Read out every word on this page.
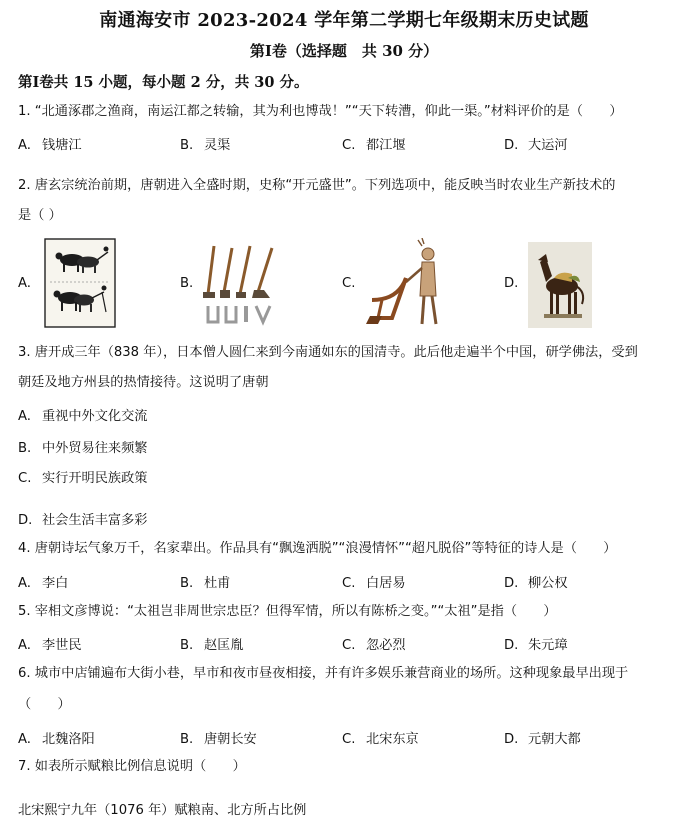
南通海安市 2023-2024 学年第二学期七年级期末历史试题
第Ⅰ卷（选择题　共 30 分）
第Ⅰ卷共 15 小题，每小题 2 分，共 30 分。
1. “北通涿郡之渔商，南运江都之转输，其为利也博哉！”“天下转漕，仰此一渠。”材料评价的是（　　）
A. 钱塘江	B. 灵渠	C. 都江堰	D. 大运河
2. 唐玄宗统治前期，唐朝进入全盛时期，史称“开元盛世”。下列选项中，能反映当时农业生产新技术的
是（ ）
A.	B.	C.	D.
3. 唐开成三年（838 年），日本僧人圆仁来到今南通如东的国清寺。此后他走遍半个中国，研学佛法，受到
朝廷及地方州县的热情接待。这说明了唐朝
A. 重视中外文化交流
B. 中外贸易往来频繁
C. 实行开明民族政策
D. 社会生活丰富多彩
4. 唐朝诗坛气象万千，名家辈出。作品具有“飘逸洒脱”“浪漫情怀”“超凡脱俗”等特征的诗人是（　　）
A. 李白	B. 杜甫	C. 白居易	D. 柳公权
5. 宰相文彦博说：“太祖岂非周世宗忠臣？但得军情，所以有陈桥之变。”“太祖”是指（　　）
A. 李世民	B. 赵匡胤	C. 忽必烈	D. 朱元璋
6. 城市中店铺遍布大街小巷，早市和夜市昼夜相接，并有许多娱乐兼营商业的场所。这种现象最早出现于
（　　）
A. 北魏洛阳	B. 唐朝长安	C. 北宋东京	D. 元朝大都
7. 如表所示赋粮比例信息说明（　　）
北宋熙宁九年（1076 年）赋粮南、北方所占比例
